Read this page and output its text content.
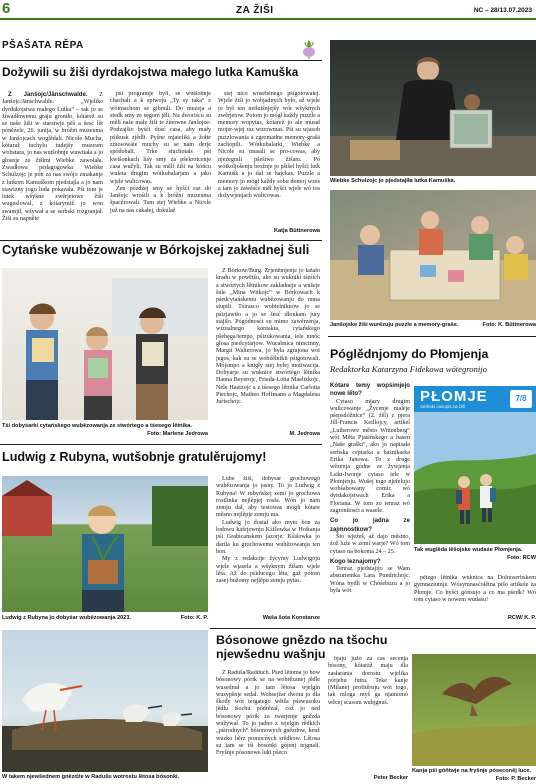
6	ZA ŽIŠI	NC – 28/13.07.2023
PŠAŠATA RĚPA
Dožywili su žiši dyrdakojstwa małego lutka Kamuška

Z Janšojc/Jänschwalde. Z Janšojc/Jänschwalde. „Wjelike dyrdakojstwa małego Lutka“ – tak jo se žiwadłowemu graju groniło, kótarež su se naše žiši w starstwje pěš a šesć lět póněźele, 26. junija, w bróžni muzeuma w Janšojcach woglědali. Nicole Mucha, kótaraž tuchylu tudejšy muzeum wobstara, jo nas wutšobnje wuwitała a jo głosnje ze žišimi Wiebke zawołała. Zwadłowa pedagogowka Wiebke Schulzojc je pón za nas swójo zmakanje z lutkom Kamuškom pjedstajla a jo nam stawizny jogo luda pokazała. Pśi tom je lutek wšykne zwěrjetowe žiši wuguslowal, z kótarymiž jo won swamjił, wšywał a se serbski rozgranjał. Žiši su napněte

pśi programje byli, se wutšobnje chachali a k spiwoju „Ty sy taka“ z wótmachom se gibnuli. Do muzeja a stedk smy ze sęgom jěli. Na dworiścu su měli naše małe žiši te źinowne Janšojce-Podzajšio byśći dosć casa, aby mały pśikusk zjědli. Pyšne mjateliki a žołte zmosowate muchy su se nam derje spódobali. Trke stuchotałs pśi kwišonkach liśy smy za pšekrotcenje casa wužyli. Tak su měli žiši na kóńcu wuleta drugim wótkubalarjam a jako wjele wulicowas.

Zen pózdźej smy se hyšći raz do Janšojc wrośili a k bróžni muzeuma špacěrowali. Tam stej Wiebke a Nicole juž na nas cakałej, dokulaž

stej nico wóseběnego pśigótowałej. Wjele žiši jo wobjadnych było, až wjele jo był ten neilutšnjejšy wót wšyknych zwěrjetow. Potom jo mógł každy puzzle a memory wopytas, kótarež jo ale musał mojer-wjej raz wurowmas. Pśi su wjasob puzzlowania a zgromadne memory-grašā zachopili. Wótkubalarki, Wiebke a Nicole su musali se pro-cowas, aby njezegrali pšešiwo žišam. Pó wótkoljošenju brožnje jo pšišel hyšći lutk Kamušk a jo dał se hajckas. Puzzle a memory jo mógł každy sobu domoj wzes a tam jo zawěsće měł hyšći wjele wó tos dožywjenjach wulicowas.

Katja Büttnerowa
Wiebke Schulzojc jo pjedstajiła lutka Kamuška.
Janšojske žiši wurězuju puzzle a memory-graše.	Foto: K. Büttnerowa
Cytańske wubězowanje w Bórkojskej zakładnej šuli
Tśi dobyśarki cytańskego wubězowanja ze stwórtego a tśesego lětnika.
Foto: Marlene Jedrowa

Z Bórkow/Burg. Zrjeněmjenje jo lažało kradu w powětšu, ako su wuknikí tśeśich a stwórtych lětnikow zakładneje a wušeje šule „Mina Witkojc“ w Bórkowach k pśedcytańskemu wubězowanju do ruma stupili. Tśirasco wobtelniknow jo se pśizjawiło a jo se šesć dłonkam jury stajilo. Pógódnosći su mimo zawěrzenja, wizualnego kontakta, cytańskego pšebęga/tempo, pśizukowania, tele mnóc głosa piedcytarjow. Wucabnica nimcinny, Margit Walterowa, jo była zgrajona wot jegos, kak su se wobźělnikii pśigotowali. Mójsmpo a knigły stej byłej motiwacija. Dobyarje su wuknice stwórtego lětnika Hanna Beyerojc, Frieda-Lotta Maeltzkojc, Nele Haatzojc a z tśesego lětnika Carlotta Piechojc, Matheo Hoffmann a Magdalena Jurischojc.

M. Jedrowa
Ludwig z Rubyna, wutšobnje gratulěrujomy!
Ludwig z Rubyna jo dobyśar wubězowanja 2023.	Foto: K. P.

Lube žiši, dobyśar grochowego wubězowanja jo jasny. To jo Ludwig z Rubyna! W rubyńskej zemi jo grochowa rostlinka nejlěpjej rosła. Wón jo nam zemju dał, aby testowas mógli kótare měsno nejlěpje zemju ma.

Ludwig jo dostał ako myto bon za łodowu kafejownju Kśišowka w Hoštanja pśi Grabicańskem jazorje. Kśišowka jo darila ku grochowemu wubězowanju ten bon.

My z redakcije žycymy Ludwigoju wjele wjasela a wšyknym žišam wjele lěta. Až do pśiducego lěta, gaž pótom zasej bužomy nejlěpu zemju pytas.

Waša šota Konstanze
Póglědnjomy do Płomjenja
Redaktorka Katarzyna Fidekowa wótegronijo

Kótare temy wopśimjejo nowe lěto?

Cytaso mjazy drugim wulicowanje „Žycenje maleje pśepsdóžnice“ (2. źěl) z pjera Jill-Francis Keillojcy, artikel „Lutherowe město Wittenberg“ wót Měta Pjasińskego a basen „Naše graški“, ako jo napisała serbska ceptarka a basnikarka Erika Janowa. To z druge wězenja gódne ze žywjenja Lsiki-Iwonje cytaso tele w Płomjenju. Wušej togo njefelujo wobšabowany comic wó dyrdakojstwach Erika a Floriana. W tom zo tenraz wó zagronitosći a wasele.

Co jo jadna ze zajmnostkow?

Što wjeźeš, až dajo městno, źož luźe w zemi warje? Wó tom cytaso na bokoma 24 – 25.

Kogo leznajomy?

Tenraz pjedstajijo se Wam absturientka Lara Pundrichojc. Wóna bydli w Chóśebuzu a jo była wót

PŁOMJE
Serbski casopis za žiši
7/8
Tak wuglěda lěšojske wudaśe Płomjenja.
Foto: RCW

pětego lětnika wuknica na Dolnoserbskem gymnaziumje. Wósymnasćolětna pišo artikele za Płomje. Co hyšći góńsujo a co ma pśedk? Wó tom cytaso w nowem wudaśu!

RCW/ K. P.
W takem njewšednem gnězdźe w Radušu wotrostu lětosa bósonki.
Bósonowe gnězdo na tšochu njewšednu wašnju

Z Raduša/Radduch. Pśed lětoma jo how bósonowy pórik se na wobrězanej jědle wusednuł a jo tam lětosa wjelgin wusypšnje sedał. Wobsejžar dwora jo dla škody wót tergatego wětša pśewusoku jědlu tšochu pódrězał, což jo ned bósonowy pórik za twarjenje gnězda wužywał. To jo jadno z wjelgin rědkich „pśirodnych“ bósonowych gnězdow, kenž wuzko běrz pomocnych srědkow. Lětosa su tam se tśi bósonki gójenj tejgnali. Fryšnje pósonowe luki pśeco

bjaju južo za cas secenja bósony, kótaraž maju dla zasłarania dorostu wjelika pórjebu futra. Teke kanje (Milane) profitěruju wót togo, tak mloga myš ga njamomó wěcej scasom wubjgnuś.

Peter Becker
Kanja pśi góňtwje na fryšnje póseconěj luce.
Foto: P. Becker
